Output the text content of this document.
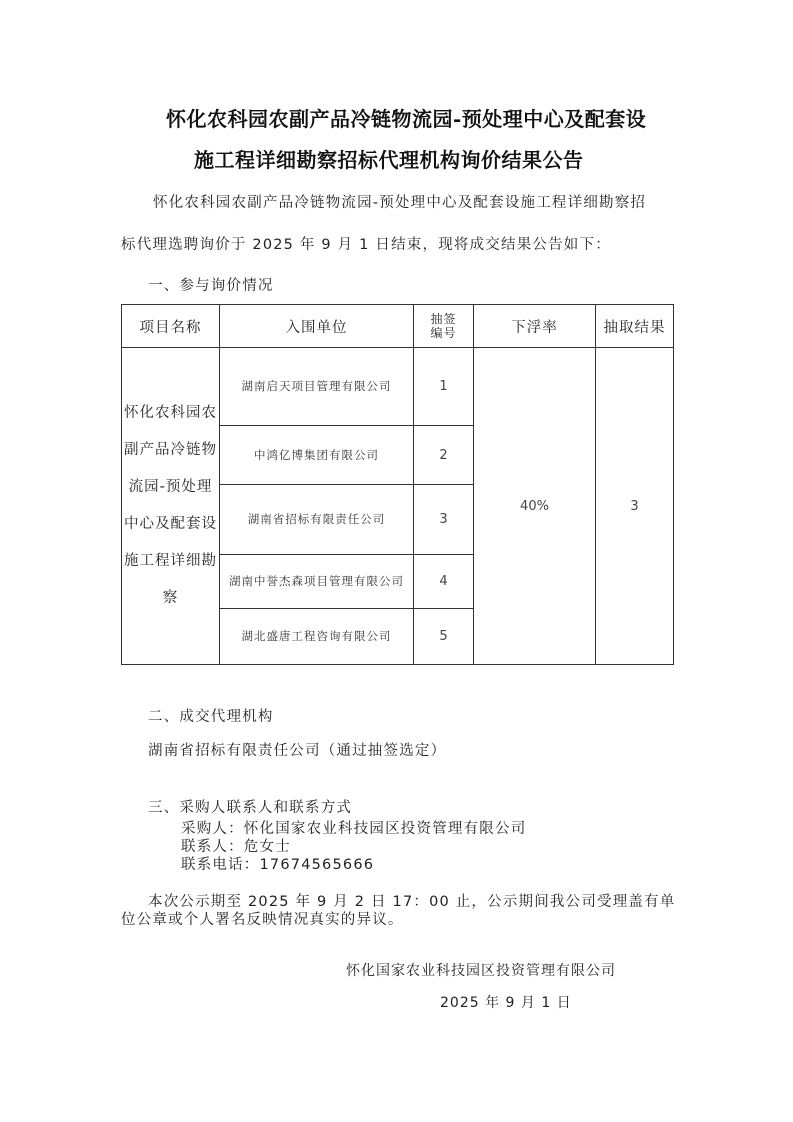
怀化农科园农副产品冷链物流园-预处理中心及配套设
施工程详细勘察招标代理机构询价结果公告
怀化农科园农副产品冷链物流园-预处理中心及配套设施工程详细勘察招
标代理选聘询价于 2025 年 9 月 1 日结束，现将成交结果公告如下：
一、参与询价情况
项目名称	入围单位	抽签编号	下浮率	抽取结果
怀化农科园农副产品冷链物流园-预处理中心及配套设施工程详细勘察	湖南启天项目管理有限公司	1	40%	3
	中鸿亿博集团有限公司	2		
	湖南省招标有限责任公司	3		
	湖南中誉杰森项目管理有限公司	4		
	湖北盛唐工程咨询有限公司	5		
二、成交代理机构
湖南省招标有限责任公司（通过抽签选定）
三、采购人联系人和联系方式
采购人：怀化国家农业科技园区投资管理有限公司
联系人：危女士
联系电话：17674565666
本次公示期至 2025 年 9 月 2 日 17：00 止，公示期间我公司受理盖有单
位公章或个人署名反映情况真实的异议。
怀化国家农业科技园区投资管理有限公司
2025 年 9 月 1 日
